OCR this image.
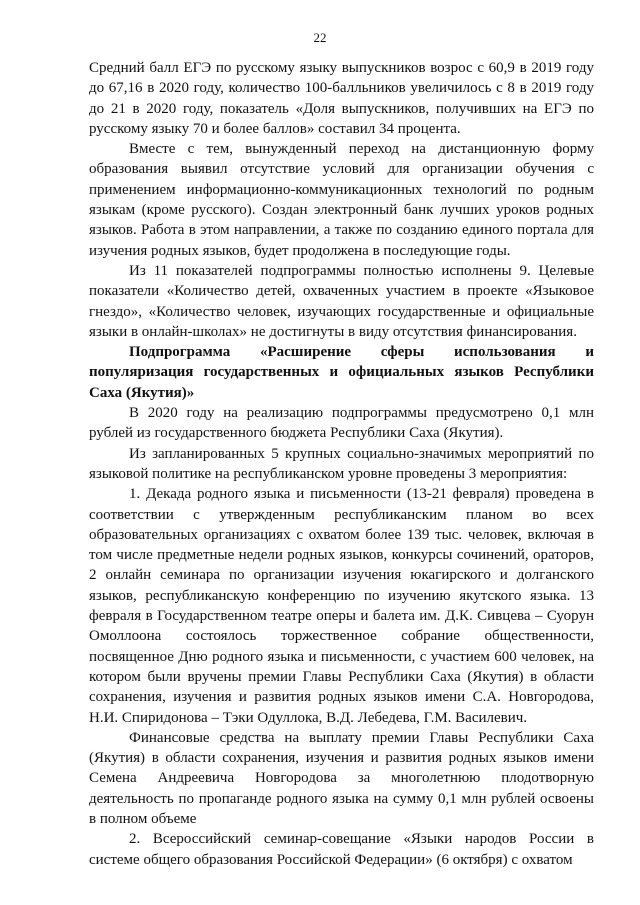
22

Средний балл ЕГЭ по русскому языку выпускников возрос с 60,9 в 2019 году до 67,16 в 2020 году, количество 100-балльников увеличилось с 8 в 2019 году до 21 в 2020 году, показатель «Доля выпускников, получивших на ЕГЭ по русскому языку 70 и более баллов» составил 34 процента.

Вместе с тем, вынужденный переход на дистанционную форму образования выявил отсутствие условий для организации обучения с применением информационно-коммуникационных технологий по родным языкам (кроме русского). Создан электронный банк лучших уроков родных языков. Работа в этом направлении, а также по созданию единого портала для изучения родных языков, будет продолжена в последующие годы.

Из 11 показателей подпрограммы полностью исполнены 9. Целевые показатели «Количество детей, охваченных участием в проекте «Языковое гнездо», «Количество человек, изучающих государственные и официальные языки в онлайн-школах» не достигнуты в виду отсутствия финансирования.

Подпрограмма «Расширение сферы использования и популяризация государственных и официальных языков Республики Саха (Якутия)»

В 2020 году на реализацию подпрограммы предусмотрено 0,1 млн рублей из государственного бюджета Республики Саха (Якутия).

Из запланированных 5 крупных социально-значимых мероприятий по языковой политике на республиканском уровне проведены 3 мероприятия:

1. Декада родного языка и письменности (13-21 февраля) проведена в соответствии с утвержденным республиканским планом во всех образовательных организациях с охватом более 139 тыс. человек, включая в том числе предметные недели родных языков, конкурсы сочинений, ораторов, 2 онлайн семинара по организации изучения юкагирского и долганского языков, республиканскую конференцию по изучению якутского языка. 13 февраля в Государственном театре оперы и балета им. Д.К. Сивцева – Суорун Омоллоона состоялось торжественное собрание общественности, посвященное Дню родного языка и письменности, с участием 600 человек, на котором были вручены премии Главы Республики Саха (Якутия) в области сохранения, изучения и развития родных языков имени С.А. Новгородова, Н.И. Спиридонова – Тэки Одуллока, В.Д. Лебедева, Г.М. Василевич.

Финансовые средства на выплату премии Главы Республики Саха (Якутия) в области сохранения, изучения и развития родных языков имени Семена Андреевича Новгородова за многолетнюю плодотворную деятельность по пропаганде родного языка на сумму 0,1 млн рублей освоены в полном объеме

2. Всероссийский семинар-совещание «Языки народов России в системе общего образования Российской Федерации» (6 октября) с охватом
